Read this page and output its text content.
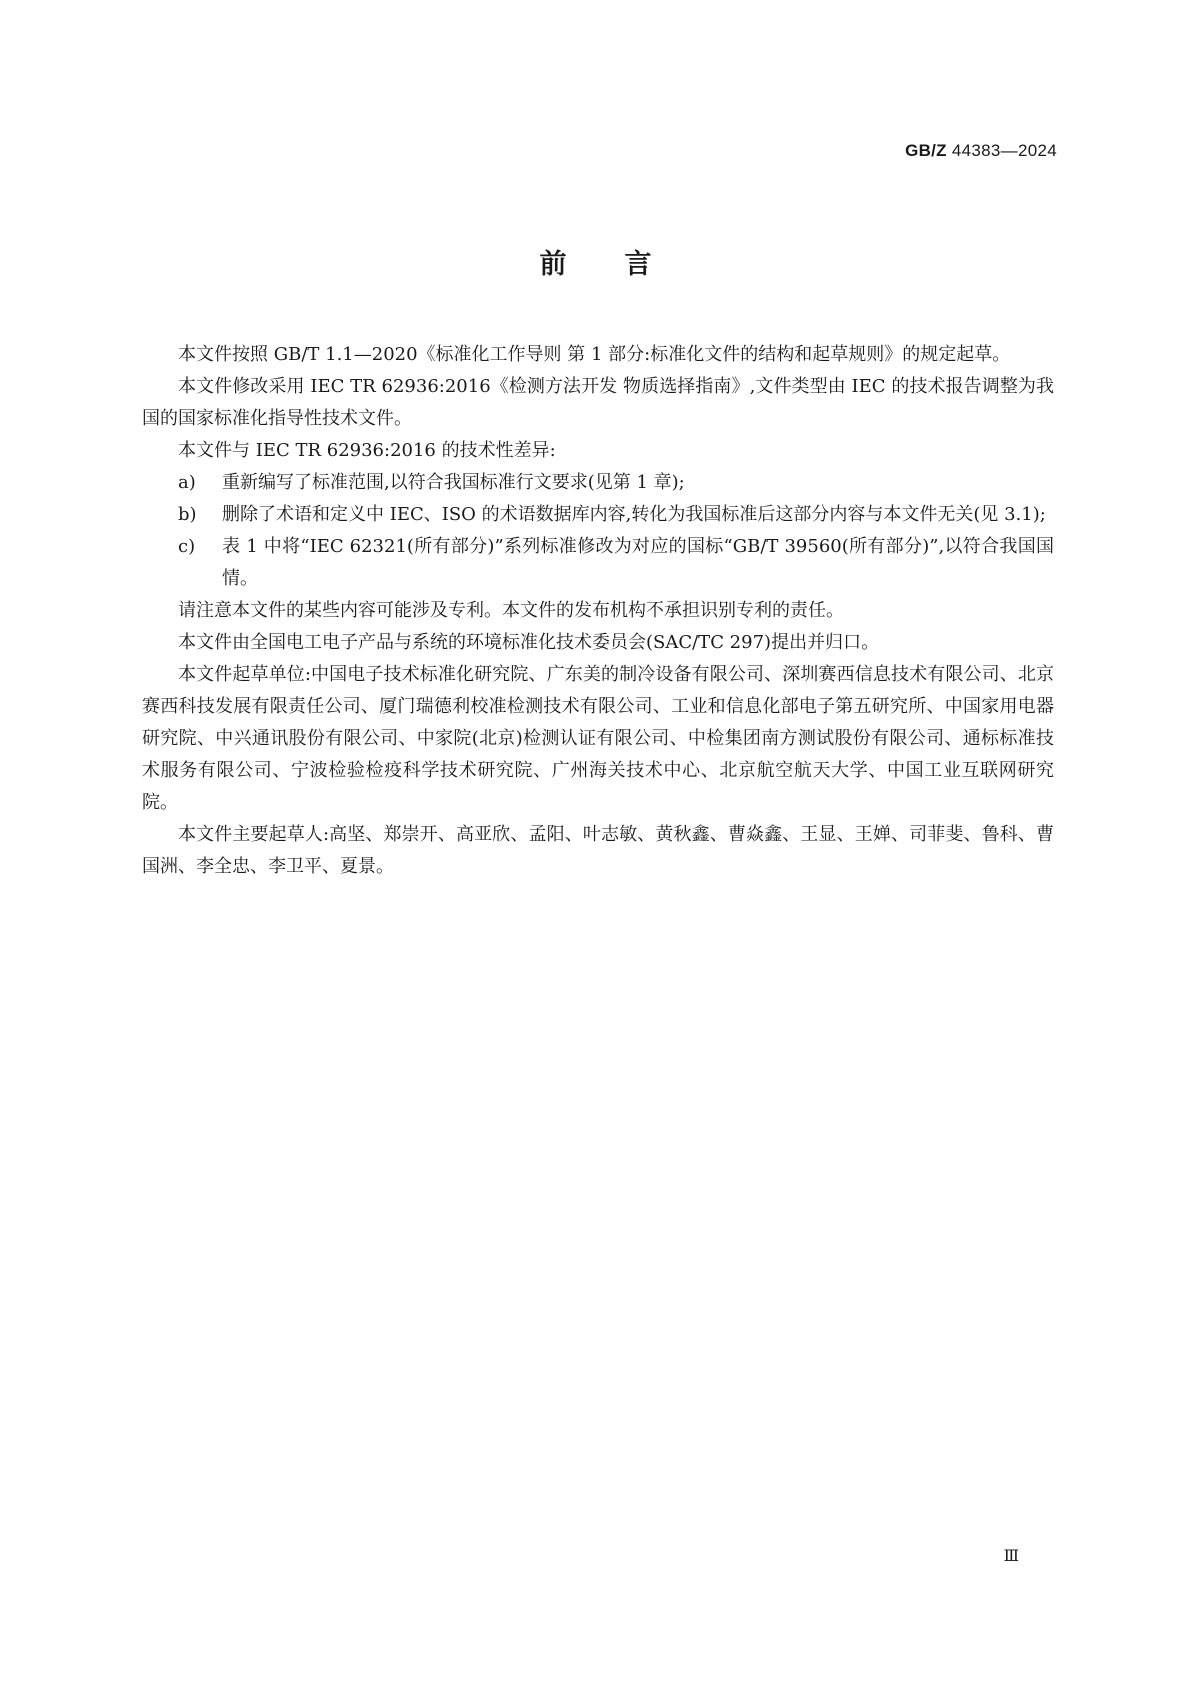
GB/Z 44383—2024
前言

本文件按照 GB/T 1.1—2020《标准化工作导则 第 1 部分:标准化文件的结构和起草规则》的规定起草。

本文件修改采用 IEC TR 62936:2016《检测方法开发 物质选择指南》,文件类型由 IEC 的技术报告调整为我国的国家标准化指导性技术文件。

本文件与 IEC TR 62936:2016 的技术性差异:

a)	重新编写了标准范围,以符合我国标准行文要求(见第 1 章);
b)	删除了术语和定义中 IEC、ISO 的术语数据库内容,转化为我国标准后这部分内容与本文件无关(见 3.1);
c)	表 1 中将“IEC 62321(所有部分)”系列标准修改为对应的国标“GB/T 39560(所有部分)”,以符合我国国情。

请注意本文件的某些内容可能涉及专利。本文件的发布机构不承担识别专利的责任。

本文件由全国电工电子产品与系统的环境标准化技术委员会(SAC/TC 297)提出并归口。

本文件起草单位:中国电子技术标准化研究院、广东美的制冷设备有限公司、深圳赛西信息技术有限公司、北京赛西科技发展有限责任公司、厦门瑞德利校准检测技术有限公司、工业和信息化部电子第五研究所、中国家用电器研究院、中兴通讯股份有限公司、中家院(北京)检测认证有限公司、中检集团南方测试股份有限公司、通标标准技术服务有限公司、宁波检验检疫科学技术研究院、广州海关技术中心、北京航空航天大学、中国工业互联网研究院。

本文件主要起草人:高坚、郑崇开、高亚欣、孟阳、叶志敏、黄秋鑫、曹焱鑫、王显、王婵、司菲斐、鲁科、曹国洲、李全忠、李卫平、夏景。

Ⅲ
